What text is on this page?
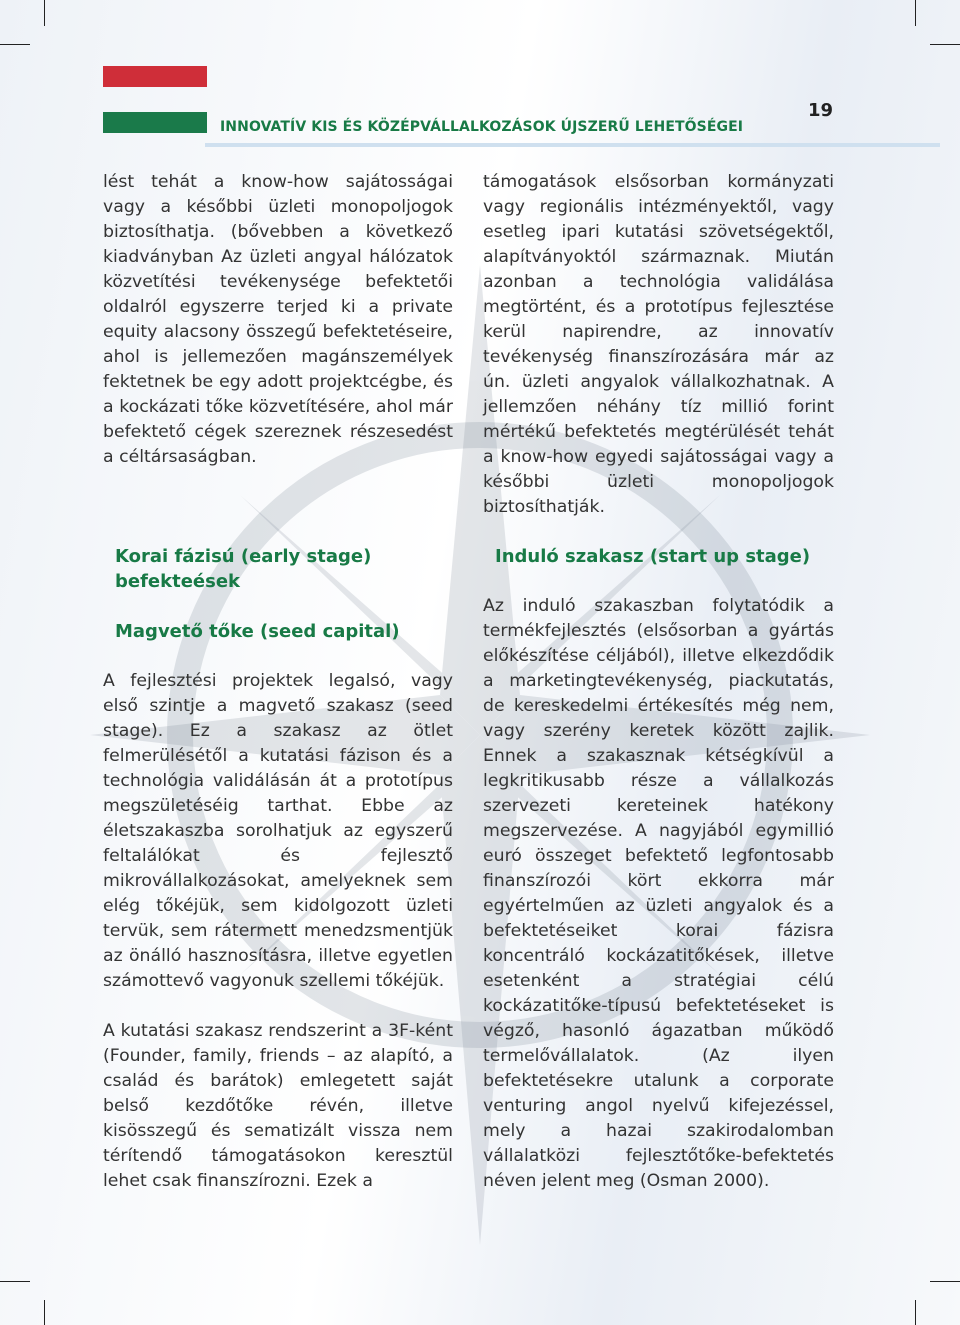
INNOVATÍV KIS ÉS KÖZÉPVÁLLALKOZÁSOK ÚJSZERŰ LEHETŐSÉGEI
19

lést tehát a know-how sajátosságai vagy a későbbi üzleti monopoljogok biztosíthatja. (bővebben a következő kiadványban Az üzleti angyal hálózatok közvetítési tevékenysége befektetői oldalról egyszerre terjed ki a private equity alacsony összegű befektetéseire, ahol is jellemezően magánszemélyek fektetnek be egy adott projektcégbe, és a kockázati tőke közvetítésére, ahol már befektető cégek szereznek részesedést a céltársaságban.

támogatások elsősorban kormányzati vagy regionális intézményektől, vagy esetleg ipari kutatási szövetségektől, alapítványoktól származnak. Miután azonban a technológia validálása megtörtént, és a prototípus fejlesztése kerül napirendre, az innovatív tevékenység finanszírozására már az ún. üzleti angyalok vállalkozhatnak. A jellemzően néhány tíz millió forint mértékű befektetés megtérülését tehát a know-how egyedi sajátosságai vagy a későbbi üzleti monopoljogok biztosíthatják.

Korai fázisú (early stage) befekteések
Magvető tőke (seed capital)

A fejlesztési projektek legalsó, vagy első szintje a magvető szakasz (seed stage). Ez a szakasz az ötlet felmerülésétől a kutatási fázison és a technológia validálásán át a prototípus megszületéséig tarthat. Ebbe az életszakaszba sorolhatjuk az egyszerű feltalálókat és fejlesztő mikrovállalkozásokat, amelyeknek sem elég tőkéjük, sem kidolgozott üzleti tervük, sem rátermett menedzsmentjük az önálló hasznosításra, illetve egyetlen számottevő vagyonuk szellemi tőkéjük.

A kutatási szakasz rendszerint a 3F-ként (Founder, family, friends – az alapító, a család és barátok) emlegetett saját belső kezdőtőke révén, illetve kisösszegű és sematizált vissza nem térítendő támogatásokon keresztül lehet csak finanszírozni. Ezek a

Induló szakasz (start up stage)

Az induló szakaszban folytatódik a termékfejlesztés (elsősorban a gyártás előkészítése céljából), illetve elkezdődik a marketingtevékenység, piackutatás, de kereskedelmi értékesítés még nem, vagy szerény keretek között zajlik. Ennek a szakasznak kétségkívül a legkritikusabb része a vállalkozás szervezeti kereteinek hatékony megszervezése. A nagyjából egymillió euró összeget befektető legfontosabb finanszírozói kört ekkorra már egyértelműen az üzleti angyalok és a befektetéseiket korai fázisra koncentráló kockázatitőkések, illetve esetenként a stratégiai célú kockázatitőke-típusú befektetéseket is végző, hasonló ágazatban működő termelővállalatok. (Az ilyen befektetésekre utalunk a corporate venturing angol nyelvű kifejezéssel, mely a hazai szakirodalomban vállalatközi fejlesztőtőke-befektetés néven jelent meg (Osman 2000).
